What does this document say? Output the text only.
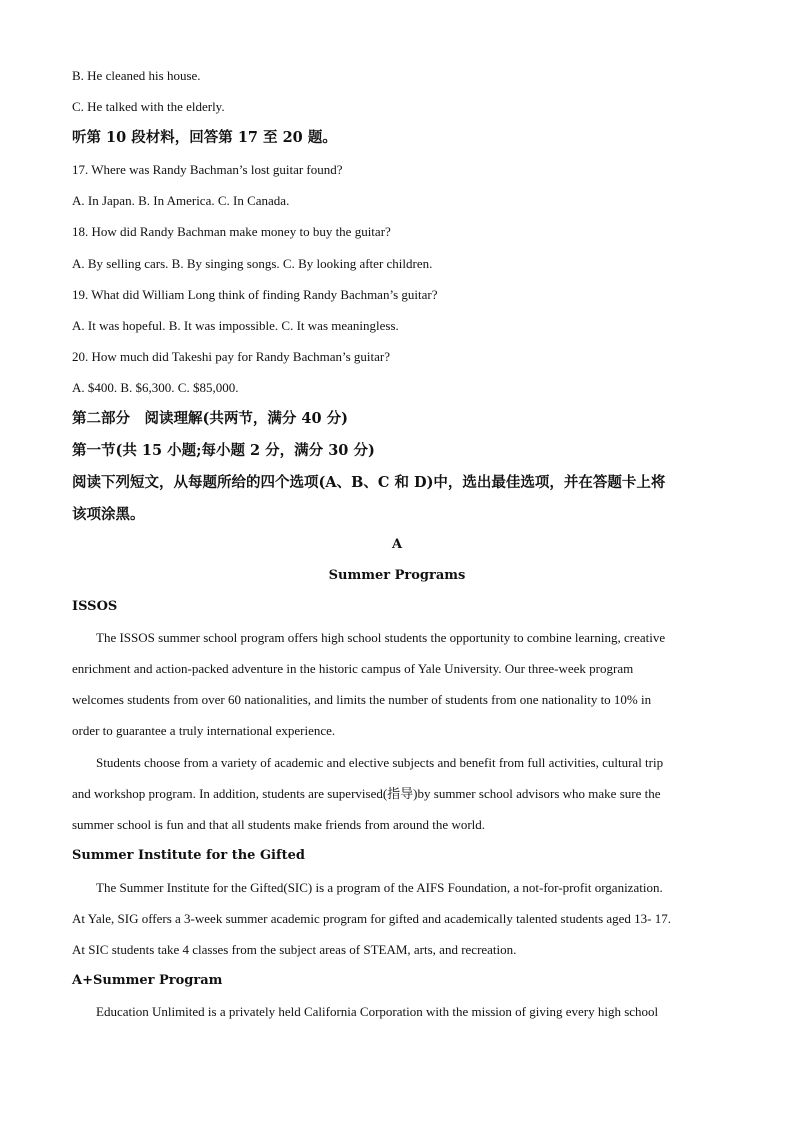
B. He cleaned his house.
C. He talked with the elderly.
听第 10 段材料，回答第 17 至 20 题。
17. Where was Randy Bachman’s lost guitar found?
A. In Japan. B. In America. C. In Canada.
18. How did Randy Bachman make money to buy the guitar?
A. By selling cars. B. By singing songs. C. By looking after children.
19. What did William Long think of finding Randy Bachman’s guitar?
A. It was hopeful. B. It was impossible. C. It was meaningless.
20. How much did Takeshi pay for Randy Bachman’s guitar?
A. $400. B. $6,300. C. $85,000.
第二部分　阅读理解(共两节，满分 40 分)
第一节(共 15 小题;每小题 2 分，满分 30 分)
阅读下列短文，从每题所给的四个选项(A、B、C 和 D)中，选出最佳选项，并在答题卡上将
该项涂黑。
A
Summer Programs
ISSOS
The ISSOS summer school program offers high school students the opportunity to combine learning, creative
enrichment and action-packed adventure in the historic campus of Yale University. Our three-week program
welcomes students from over 60 nationalities, and limits the number of students from one nationality to 10% in
order to guarantee a truly international experience.
Students choose from a variety of academic and elective subjects and benefit from full activities, cultural trip
and workshop program. In addition, students are supervised(指导)by summer school advisors who make sure the
summer school is fun and that all students make friends from around the world.
Summer Institute for the Gifted
The Summer Institute for the Gifted(SIC) is a program of the AIFS Foundation, a not-for-profit organization.
At Yale, SIG offers a 3-week summer academic program for gifted and academically talented students aged 13- 17.
At SIC students take 4 classes from the subject areas of STEAM, arts, and recreation.
A+Summer Program
Education Unlimited is a privately held California Corporation with the mission of giving every high school
